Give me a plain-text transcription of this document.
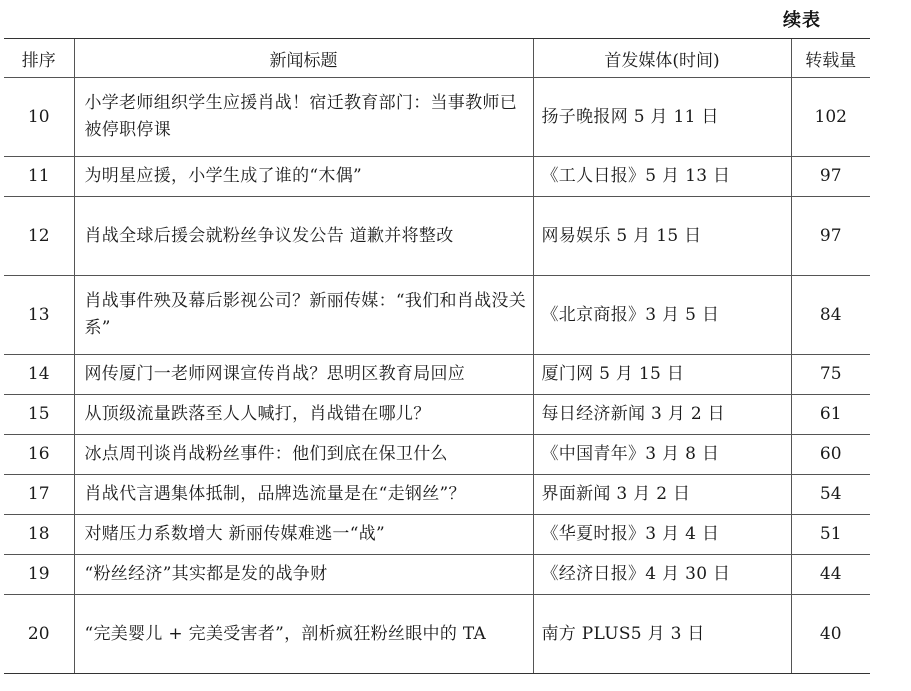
续表
排序	新闻标题	首发媒体(时间)	转载量
10	小学老师组织学生应援肖战！宿迁教育部门：当事教师已被停职停课	扬子晚报网 5 月 11 日	102
11	为明星应援，小学生成了谁的“木偶”	《工人日报》5 月 13 日	97
12	肖战全球后援会就粉丝争议发公告 道歉并将整改	网易娱乐 5 月 15 日	97
13	肖战事件殃及幕后影视公司？新丽传媒：“我们和肖战没关系”	《北京商报》3 月 5 日	84
14	网传厦门一老师网课宣传肖战？思明区教育局回应	厦门网 5 月 15 日	75
15	从顶级流量跌落至人人喊打，肖战错在哪儿？	每日经济新闻 3 月 2 日	61
16	冰点周刊谈肖战粉丝事件：他们到底在保卫什么	《中国青年》3 月 8 日	60
17	肖战代言遇集体抵制，品牌选流量是在“走钢丝”？	界面新闻 3 月 2 日	54
18	对赌压力系数增大 新丽传媒难逃一“战”	《华夏时报》3 月 4 日	51
19	“粉丝经济”其实都是发的战争财	《经济日报》4 月 30 日	44
20	“完美婴儿 + 完美受害者”，剖析疯狂粉丝眼中的 TA	南方 PLUS5 月 3 日	40
